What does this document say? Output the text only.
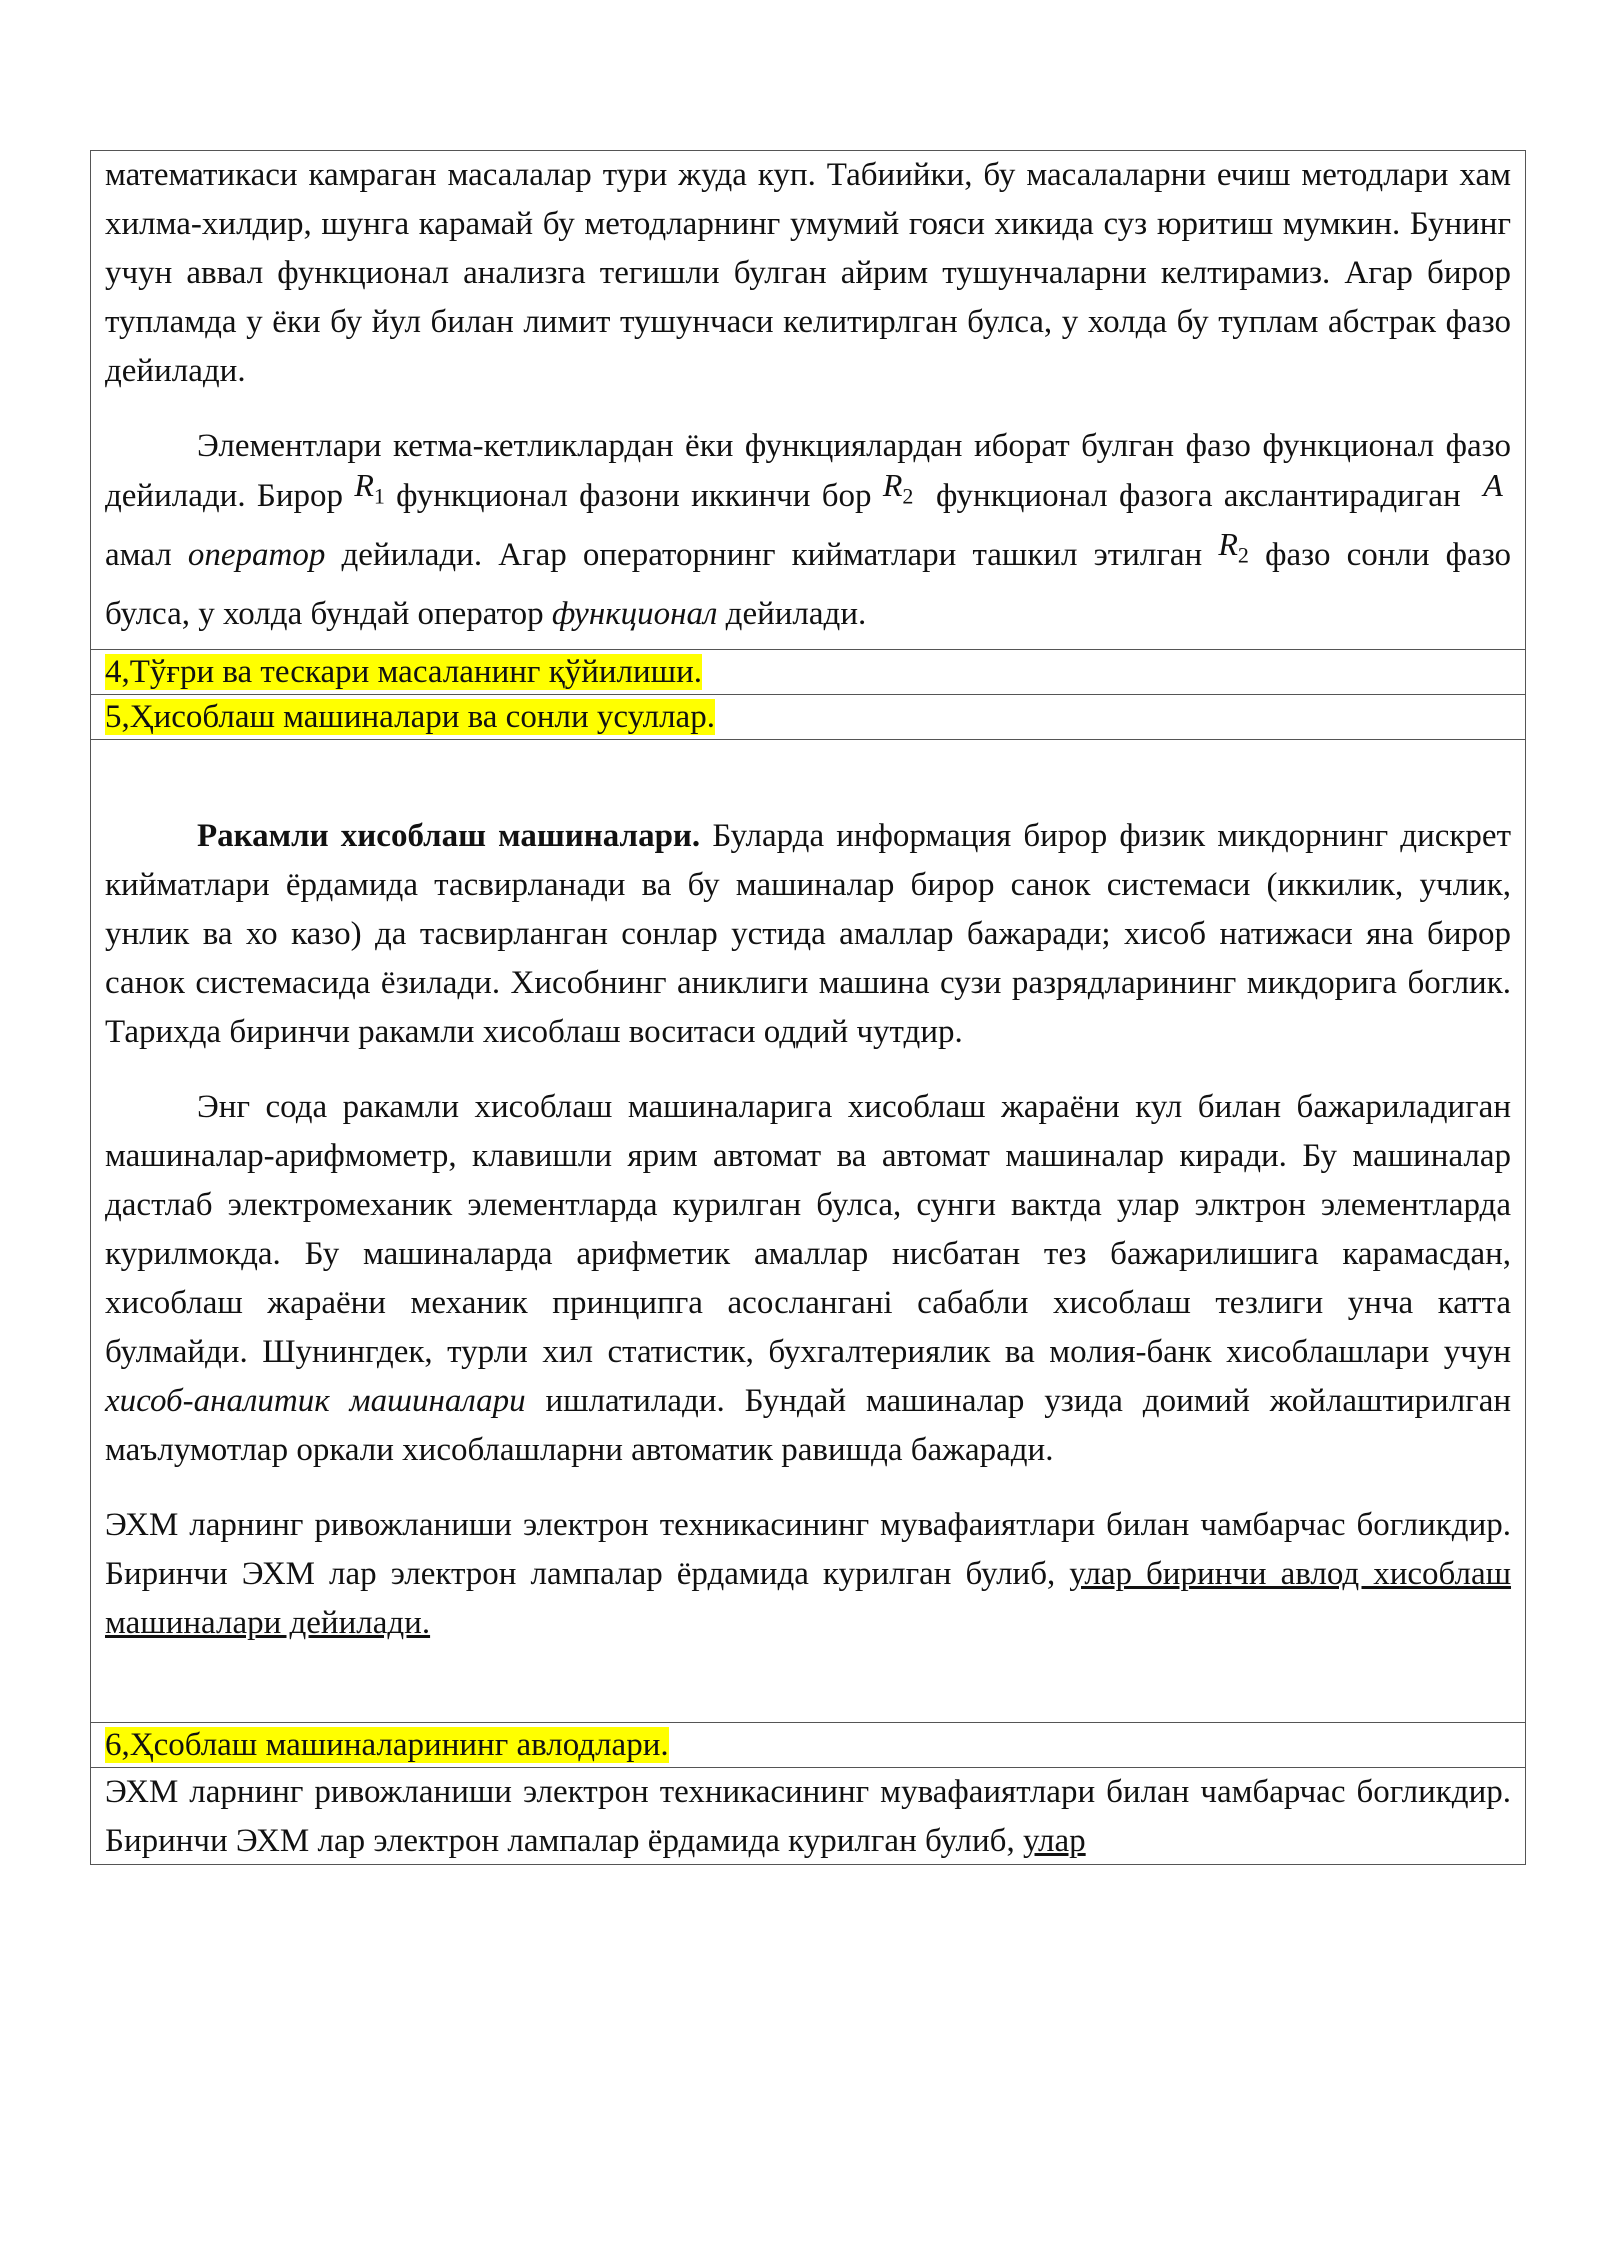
математикаси камраган масалалар тури жуда куп. Табиийки, бу масалаларни ечиш методлари хам хилма-хилдир, шунга карамай бу методларнинг умумий гояси хикида суз юритиш мумкин. Бунинг учун аввал функционал анализга тегишли булган айрим тушунчаларни келтирамиз. Агар бирор тупламда у ёки бу йул билан лимит тушунчаси келитирлган булса, у холда бу туплам абстрак фазо дейилади.

Элементлари кетма-кетликлардан ёки функциялардан иборат булган фазо функционал фазо дейилади. Бирор $R_1$ функционал фазони иккинчи бор $R_2$ функционал фазога акслантирадиган A  амал оператор дейилади. Агар операторнинг кийматлари ташкил этилган $R_2$ фазо сонли фазо булса, у холда бундай оператор функционал дейилади.

4,Тўғри ва тескари масаланинг қўйилиши.
5,Ҳисоблаш машиналари ва сонли усуллар.

Ракамли хисоблаш машиналари. Буларда информация бирор физик микдорнинг дискрет кийматлари ёрдамида тасвирланади ва бу машиналар бирор санок системаси (иккилик, учлик, унлик ва хо казо) да тасвирланган сонлар устида амаллар бажаради; хисоб натижаси яна бирор санок системасида ёзилади. Хисобнинг аниклиги машина сузи разрядларининг микдорига боглик. Тарихда биринчи ракамли хисоблаш воситаси оддий чутдир.

Энг сода ракамли хисоблаш машиналарига хисоблаш жараёни кул билан бажариладиган машиналар-арифмометр, клавишли ярим автомат ва автомат машиналар киради. Бу машиналар дастлаб электромеханик элементларда курилган булса, сунги вактда улар элктрон элементларда курилмокда. Бу машиналарда арифметик амаллар нисбатан тез бажарилишига карамасдан, хисоблаш жараёни механик принципга асосланганi сабабли хисоблаш тезлиги унча катта булмайди. Шунингдек, турли хил статистик, бухгалтериялик ва молия-банк хисоблашлари учун хисоб-аналитик машиналари ишлатилади. Бундай машиналар узида доимий жойлаштирилган маълумотлар оркали хисоблашларни автоматик равишда бажаради.

ЭХМ ларнинг ривожланиши электрон техникасининг мувафаиятлари билан чамбарчас богликдир. Биринчи ЭХМ лар электрон лампалар ёрдамида курилган булиб, улар биринчи авлод хисоблаш машиналари дейилади.

6,Ҳсоблаш машиналарининг авлодлари.

ЭХМ ларнинг ривожланиши электрон техникасининг мувафаиятлари билан чамбарчас богликдир. Биринчи ЭХМ лар электрон лампалар ёрдамида курилган булиб, улар
